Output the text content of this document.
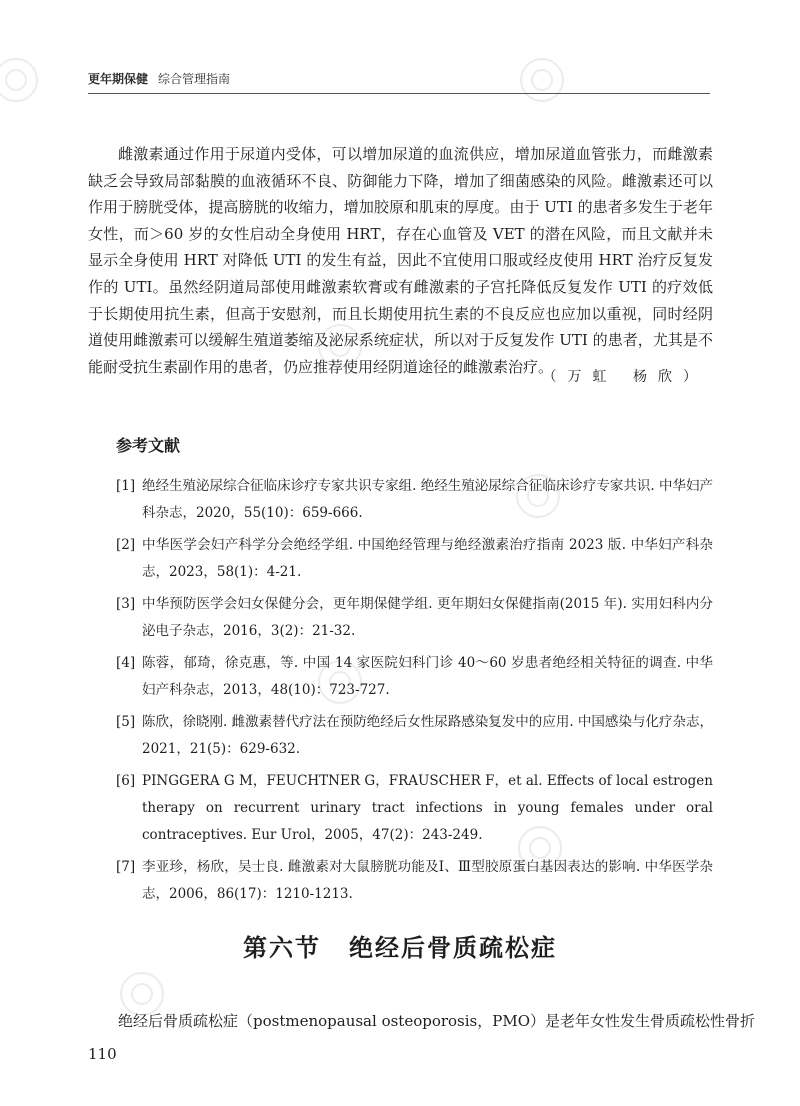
更年期保健 综合管理指南

雌激素通过作用于尿道内受体，可以增加尿道的血流供应，增加尿道血管张力，而雌激素缺乏会导致局部黏膜的血液循环不良、防御能力下降，增加了细菌感染的风险。雌激素还可以作用于膀胱受体，提高膀胱的收缩力，增加胶原和肌束的厚度。由于 UTI 的患者多发生于老年女性，而＞60 岁的女性启动全身使用 HRT，存在心血管及 VET 的潜在风险，而且文献并未显示全身使用 HRT 对降低 UTI 的发生有益，因此不宜使用口服或经皮使用 HRT 治疗反复发作的 UTI。虽然经阴道局部使用雌激素软膏或有雌激素的子宫托降低反复发作 UTI 的疗效低于长期使用抗生素，但高于安慰剂，而且长期使用抗生素的不良反应也应加以重视，同时经阴道使用雌激素可以缓解生殖道萎缩及泌尿系统症状，所以对于反复发作 UTI 的患者，尤其是不能耐受抗生素副作用的患者，仍应推荐使用经阴道途径的雌激素治疗。

（万虹 杨欣）
参考文献
[1] 绝经生殖泌尿综合征临床诊疗专家共识专家组. 绝经生殖泌尿综合征临床诊疗专家共识. 中华妇产科杂志，2020，55(10)：659-666.
[2] 中华医学会妇产科学分会绝经学组. 中国绝经管理与绝经激素治疗指南 2023 版. 中华妇产科杂志，2023，58(1)：4-21.
[3] 中华预防医学会妇女保健分会，更年期保健学组. 更年期妇女保健指南(2015 年). 实用妇科内分泌电子杂志，2016，3(2)：21-32.
[4] 陈蓉，郁琦，徐克惠，等. 中国 14 家医院妇科门诊 40～60 岁患者绝经相关特征的调查. 中华妇产科杂志，2013，48(10)：723-727.
[5] 陈欣，徐晓刚. 雌激素替代疗法在预防绝经后女性尿路感染复发中的应用. 中国感染与化疗杂志，2021，21(5)：629-632.
[6] PINGGERA G M，FEUCHTNER G，FRAUSCHER F，et al. Effects of local estrogen therapy on recurrent urinary tract infections in young females under oral contraceptives. Eur Urol，2005，47(2)：243-249.
[7] 李亚珍，杨欣，吴士良. 雌激素对大鼠膀胱功能及Ⅰ、Ⅲ型胶原蛋白基因表达的影响. 中华医学杂志，2006，86(17)：1210-1213.
第六节 绝经后骨质疏松症

绝经后骨质疏松症（postmenopausal osteoporosis，PMO）是老年女性发生骨质疏松性骨折

110
